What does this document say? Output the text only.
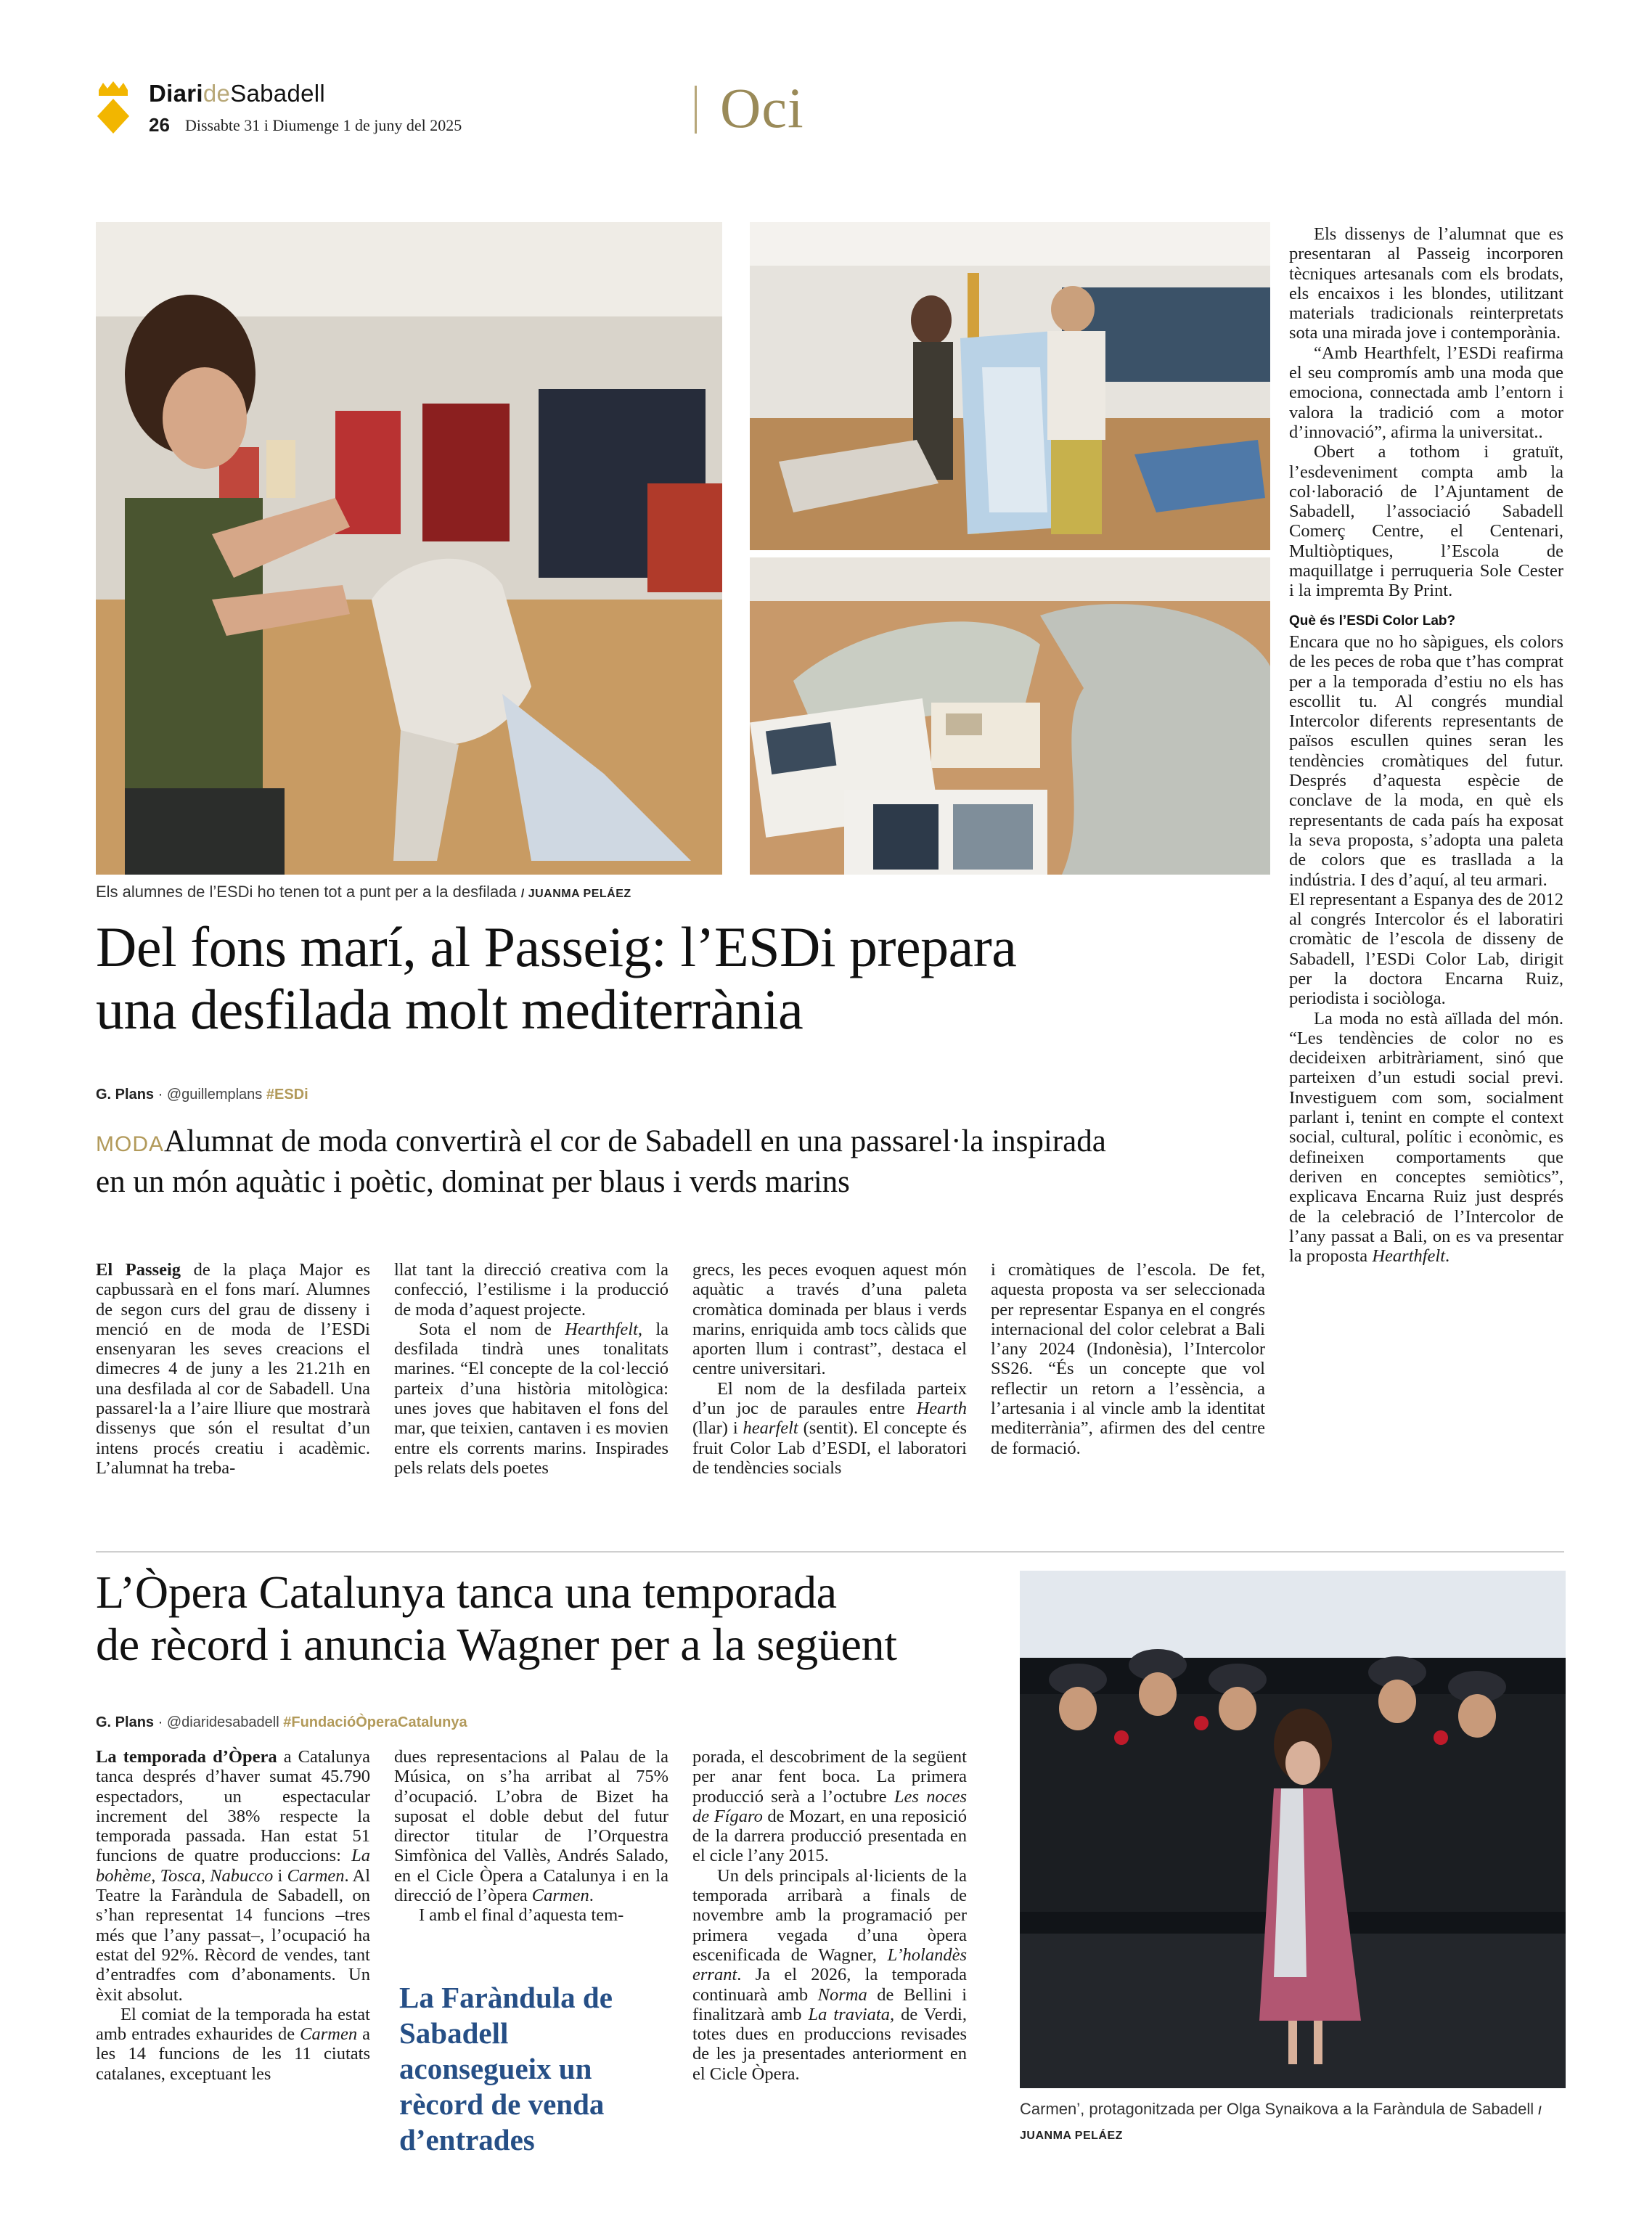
DiarideSabadell
26 Dissabte 31 i Diumenge 1 de juny del 2025	Oci
Els alumnes de l’ESDi ho tenen tot a punt per a la desfilada / JUANMA PELÁEZ
Del fons marí, al Passeig: l’ESDi prepara
una desfilada molt mediterrània
G. Plans · @guillemplans #ESDi
MODAAlumnat de moda convertirà el cor de Sabadell en una passarel·la inspirada en un món aquàtic i poètic, dominat per blaus i verds marins

El Passeig de la plaça Major es capbussarà en el fons marí. Alumnes de segon curs del grau de disseny i menció en de moda de l’ESDi ensenyaran les seves creacions el dimecres 4 de juny a les 21.21h en una desfilada al cor de Sabadell. Una passarel·la a l’aire lliure que mostrarà dissenys que són el resultat d’un intens procés creatiu i acadèmic. L’alumnat ha treba-

llat tant la direcció creativa com la confecció, l’estilisme i la producció de moda d’aquest projecte.

Sota el nom de Hearthfelt, la desfilada tindrà unes tonalitats marines. “El concepte de la col·lecció parteix d’una història mitològica: unes joves que habitaven el fons del mar, que teixien, cantaven i es movien entre els corrents marins. Inspirades pels relats dels poetes

grecs, les peces evoquen aquest món aquàtic a través d’una paleta cromàtica dominada per blaus i verds marins, enriquida amb tocs càlids que aporten llum i contrast”, destaca el centre universitari.

El nom de la desfilada parteix d’un joc de paraules entre Hearth (llar) i hearfelt (sentit). El concepte és fruit Color Lab d’ESDI, el laboratori de tendències socials

i cromàtiques de l’escola. De fet, aquesta proposta va ser seleccionada per representar Espanya en el congrés internacional del color celebrat a Bali l’any 2024 (Indonèsia), l’Intercolor SS26. “És un concepte que vol reflectir un retorn a l’essència, a l’artesania i al vincle amb la identitat mediterrània”, afirmen des del centre de formació.

Els dissenys de l’alumnat que es presentaran al Passeig incorporen tècniques artesanals com els brodats, els encaixos i les blondes, utilitzant materials tradicionals reinterpretats sota una mirada jove i contemporània.

“Amb Hearthfelt, l’ESDi reafirma el seu compromís amb una moda que emociona, connectada amb l’entorn i valora la tradició com a motor d’innovació”, afirma la universitat..

Obert a tothom i gratuït, l’esdeveniment compta amb la col·laboració de l’Ajuntament de Sabadell, l’associació Sabadell Comerç Centre, el Centenari, Multiòptiques, l’Escola de maquillatge i perruqueria Sole Cester i la impremta By Print.

Què és l’ESDi Color Lab?

Encara que no ho sàpigues, els colors de les peces de roba que t’has comprat per a la temporada d’estiu no els has escollit tu. Al congrés mundial Intercolor diferents representants de països escullen quines seran les tendències cromàtiques del futur. Després d’aquesta espècie de conclave de la moda, en què els representants de cada país ha exposat la seva proposta, s’adopta una paleta de colors que es trasllada a la indústria. I des d’aquí, al teu armari.

El representant a Espanya des de 2012 al congrés Intercolor és el laboratiri cromàtic de l’escola de disseny de Sabadell, l’ESDi Color Lab, dirigit per la doctora Encarna Ruiz, periodista i sociòloga.

La moda no està aïllada del món. “Les tendències de color no es decideixen arbitràriament, sinó que parteixen d’un estudi social previ. Investiguem com som, socialment parlant i, tenint en compte el context social, cultural, polític i econòmic, es defineixen comportaments que deriven en conceptes semiòtics”, explicava Encarna Ruiz just després de la celebració de l’Intercolor de l’any passat a Bali, on es va presentar la proposta Hearthfelt.

L’Òpera Catalunya tanca una temporada
de rècord i anuncia Wagner per a la següent
G. Plans · @diaridesabadell #FundacióÒperaCatalunya

La temporada d’Òpera a Catalunya tanca després d’haver sumat 45.790 espectadors, un espectacular increment del 38% respecte la temporada passada. Han estat 51 funcions de quatre produccions: La bohème, Tosca, Nabucco i Carmen. Al Teatre la Faràndula de Sabadell, on s’han representat 14 funcions –tres més que l’any passat–, l’ocupació ha estat del 92%. Rècord de vendes, tant d’entradfes com d’abonaments. Un èxit absolut.

El comiat de la temporada ha estat amb entrades exhaurides de Carmen a les 14 funcions de les 11 ciutats catalanes, exceptuant les

dues representacions al Palau de la Música, on s’ha arribat al 75% d’ocupació. L’obra de Bizet ha suposat el doble debut del futur director titular de l’Orquestra Simfònica del Vallès, Andrés Salado, en el Cicle Òpera a Catalunya i en la direcció de l’òpera Carmen.

I amb el final d’aquesta tem-

La Faràndula de Sabadell aconsegueix un rècord de venda d’entrades

porada, el descobriment de la següent per anar fent boca. La primera producció serà a l’octubre Les noces de Fígaro de Mozart, en una reposició de la darrera producció presentada en el cicle l’any 2015.

Un dels principals al·licients de la temporada arribarà a finals de novembre amb la programació per primera vegada d’una òpera escenificada de Wagner, L’holandès errant. Ja el 2026, la temporada continuarà amb Norma de Bellini i finalitzarà amb La traviata, de Verdi, totes dues en produccions revisades de les ja presentades anteriorment en el Cicle Òpera.

Carmen’, protagonitzada per Olga Synaikova a la Faràndula de Sabadell / JUANMA PELÁEZ
